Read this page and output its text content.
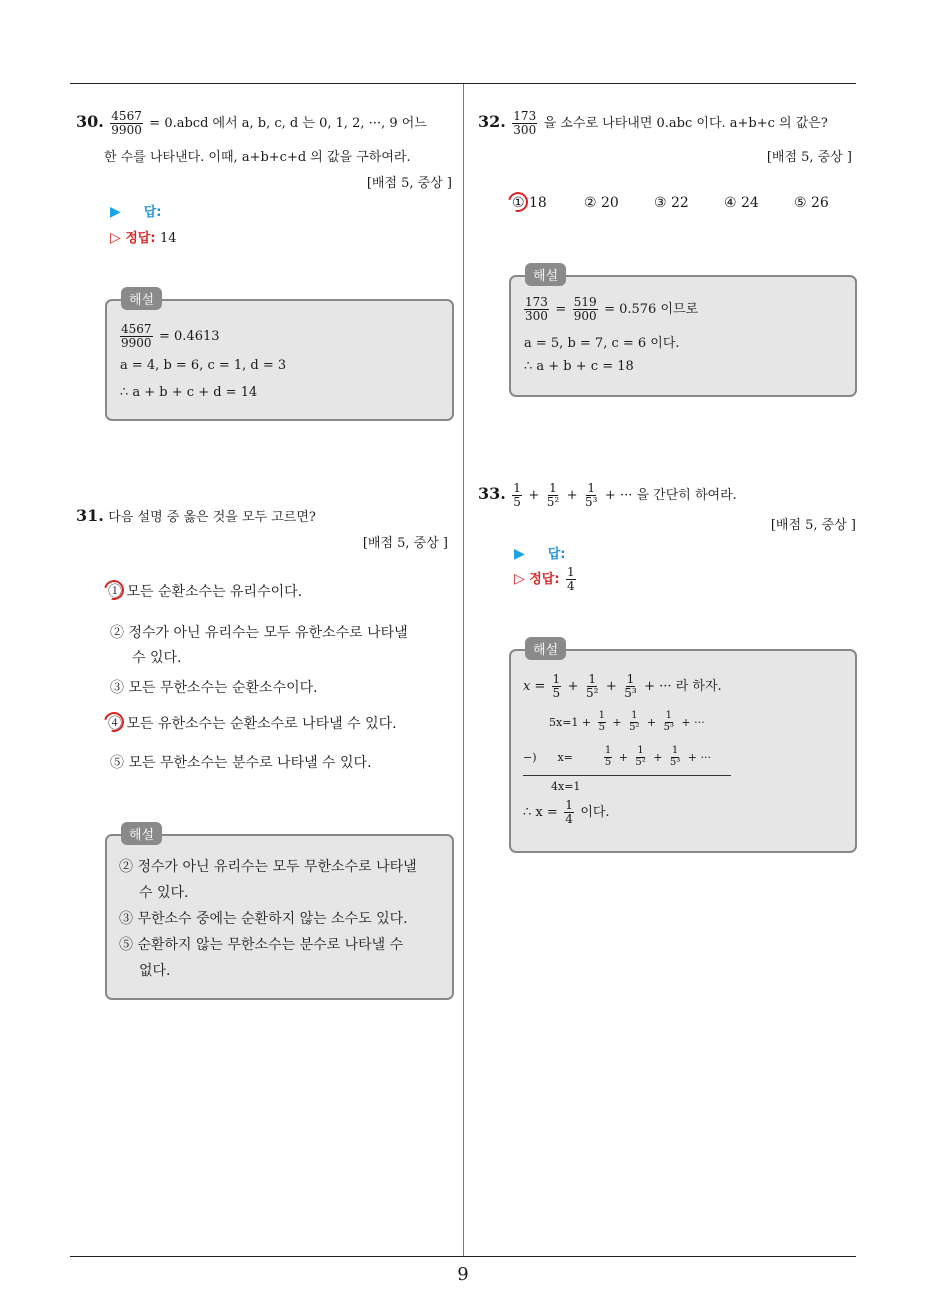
9
30. $\frac{4567}{9900}$ = 0.abcd 에서 a, b, c, d 는 0, 1, 2, ···, 9 어느
한 수를 나타낸다. 이때, a+b+c+d 의 값을 구하여라.
[배점 5, 중상 ]
▶ 답:
▷ 정답: 14
해설
$\frac{4567}{9900} = 0.4613$
a = 4, b = 6, c = 1, d = 3
∴ a + b + c + d = 14
31. 다음 설명 중 옳은 것을 모두 고르면?
[배점 5, 중상 ]
① 모든 순환소수는 유리수이다.
② 정수가 아닌 유리수는 모두 유한소수로 나타낼
수 있다.
③ 모든 무한소수는 순환소수이다.
④ 모든 유한소수는 순환소수로 나타낼 수 있다.
⑤ 모든 무한소수는 분수로 나타낼 수 있다.
해설
② 정수가 아닌 유리수는 모두 무한소수로 나타낼
수 있다.
③ 무한소수 중에는 순환하지 않는 소수도 있다.
⑤ 순환하지 않는 무한소수는 분수로 나타낼 수
없다.
32. $\frac{173}{300}$ 을 소수로 나타내면 0.abc 이다. a+b+c 의 값은?
[배점 5, 중상 ]
① 18	② 20	③ 22	④ 24	⑤ 26
해설
$\frac{173}{300} = \frac{519}{900} = 0.576$ 이므로
a = 5, b = 7, c = 6 이다.
∴ a + b + c = 18
33. $\frac{1}{5} + \frac{1}{\text{5²}} + \frac{1}{\text{5³}}$ + ··· 을 간단히 하여라.
[배점 5, 중상 ]
▶ 답:
▷ 정답: $\frac{1}{4}$
해설
$x = \frac{1}{5} + \frac{1}{\text{5²}} + \frac{1}{\text{5³}}$ + ··· 라 하자.
$5x=1 + \frac{1}{5} + \frac{1}{\text{5²}} + \frac{1}{\text{5³}}$ + ···
−) x=	$\frac{1}{5} + \frac{1}{\text{5²}} + \frac{1}{\text{5³}}$ + ···
4x=1
∴ $x = \frac{1}{4}$ 이다.
